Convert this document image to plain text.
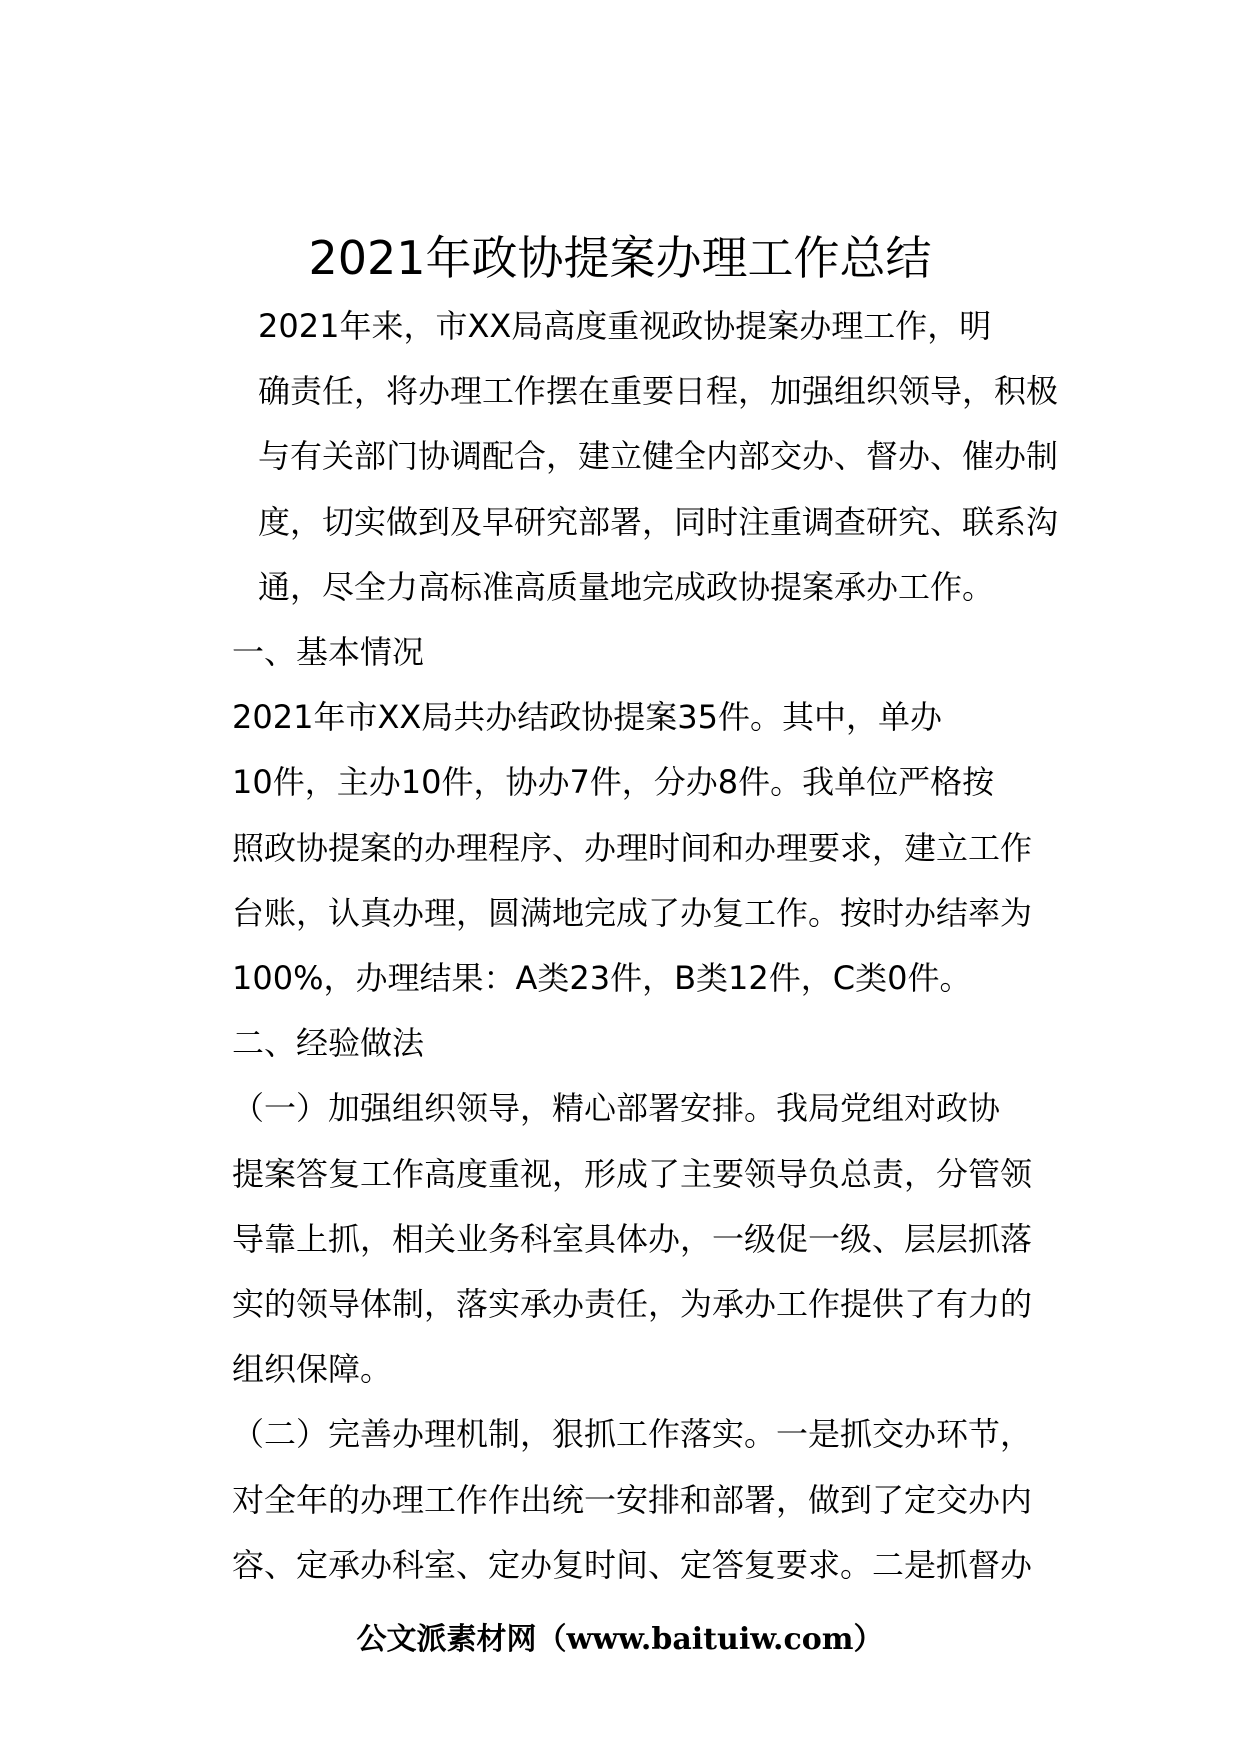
2021年政协提案办理工作总结

2021年来，市XX局高度重视政协提案办理工作，明
确责任，将办理工作摆在重要日程，加强组织领导，积极
与有关部门协调配合，建立健全内部交办、督办、催办制
度，切实做到及早研究部署，同时注重调查研究、联系沟
通，尽全力高标准高质量地完成政协提案承办工作。

一、基本情况

2021年市XX局共办结政协提案35件。其中，单办
10件，主办10件，协办7件，分办8件。我单位严格按
照政协提案的办理程序、办理时间和办理要求，建立工作
台账，认真办理，圆满地完成了办复工作。按时办结率为
100%，办理结果：A类23件，B类12件，C类0件。

二、经验做法

（一）加强组织领导，精心部署安排。我局党组对政协
提案答复工作高度重视，形成了主要领导负总责，分管领
导靠上抓，相关业务科室具体办，一级促一级、层层抓落
实的领导体制，落实承办责任，为承办工作提供了有力的
组织保障。

（二）完善办理机制，狠抓工作落实。一是抓交办环节，
对全年的办理工作作出统一安排和部署，做到了定交办内
容、定承办科室、定办复时间、定答复要求。二是抓督办

公文派素材网（www.baituiw.com）
